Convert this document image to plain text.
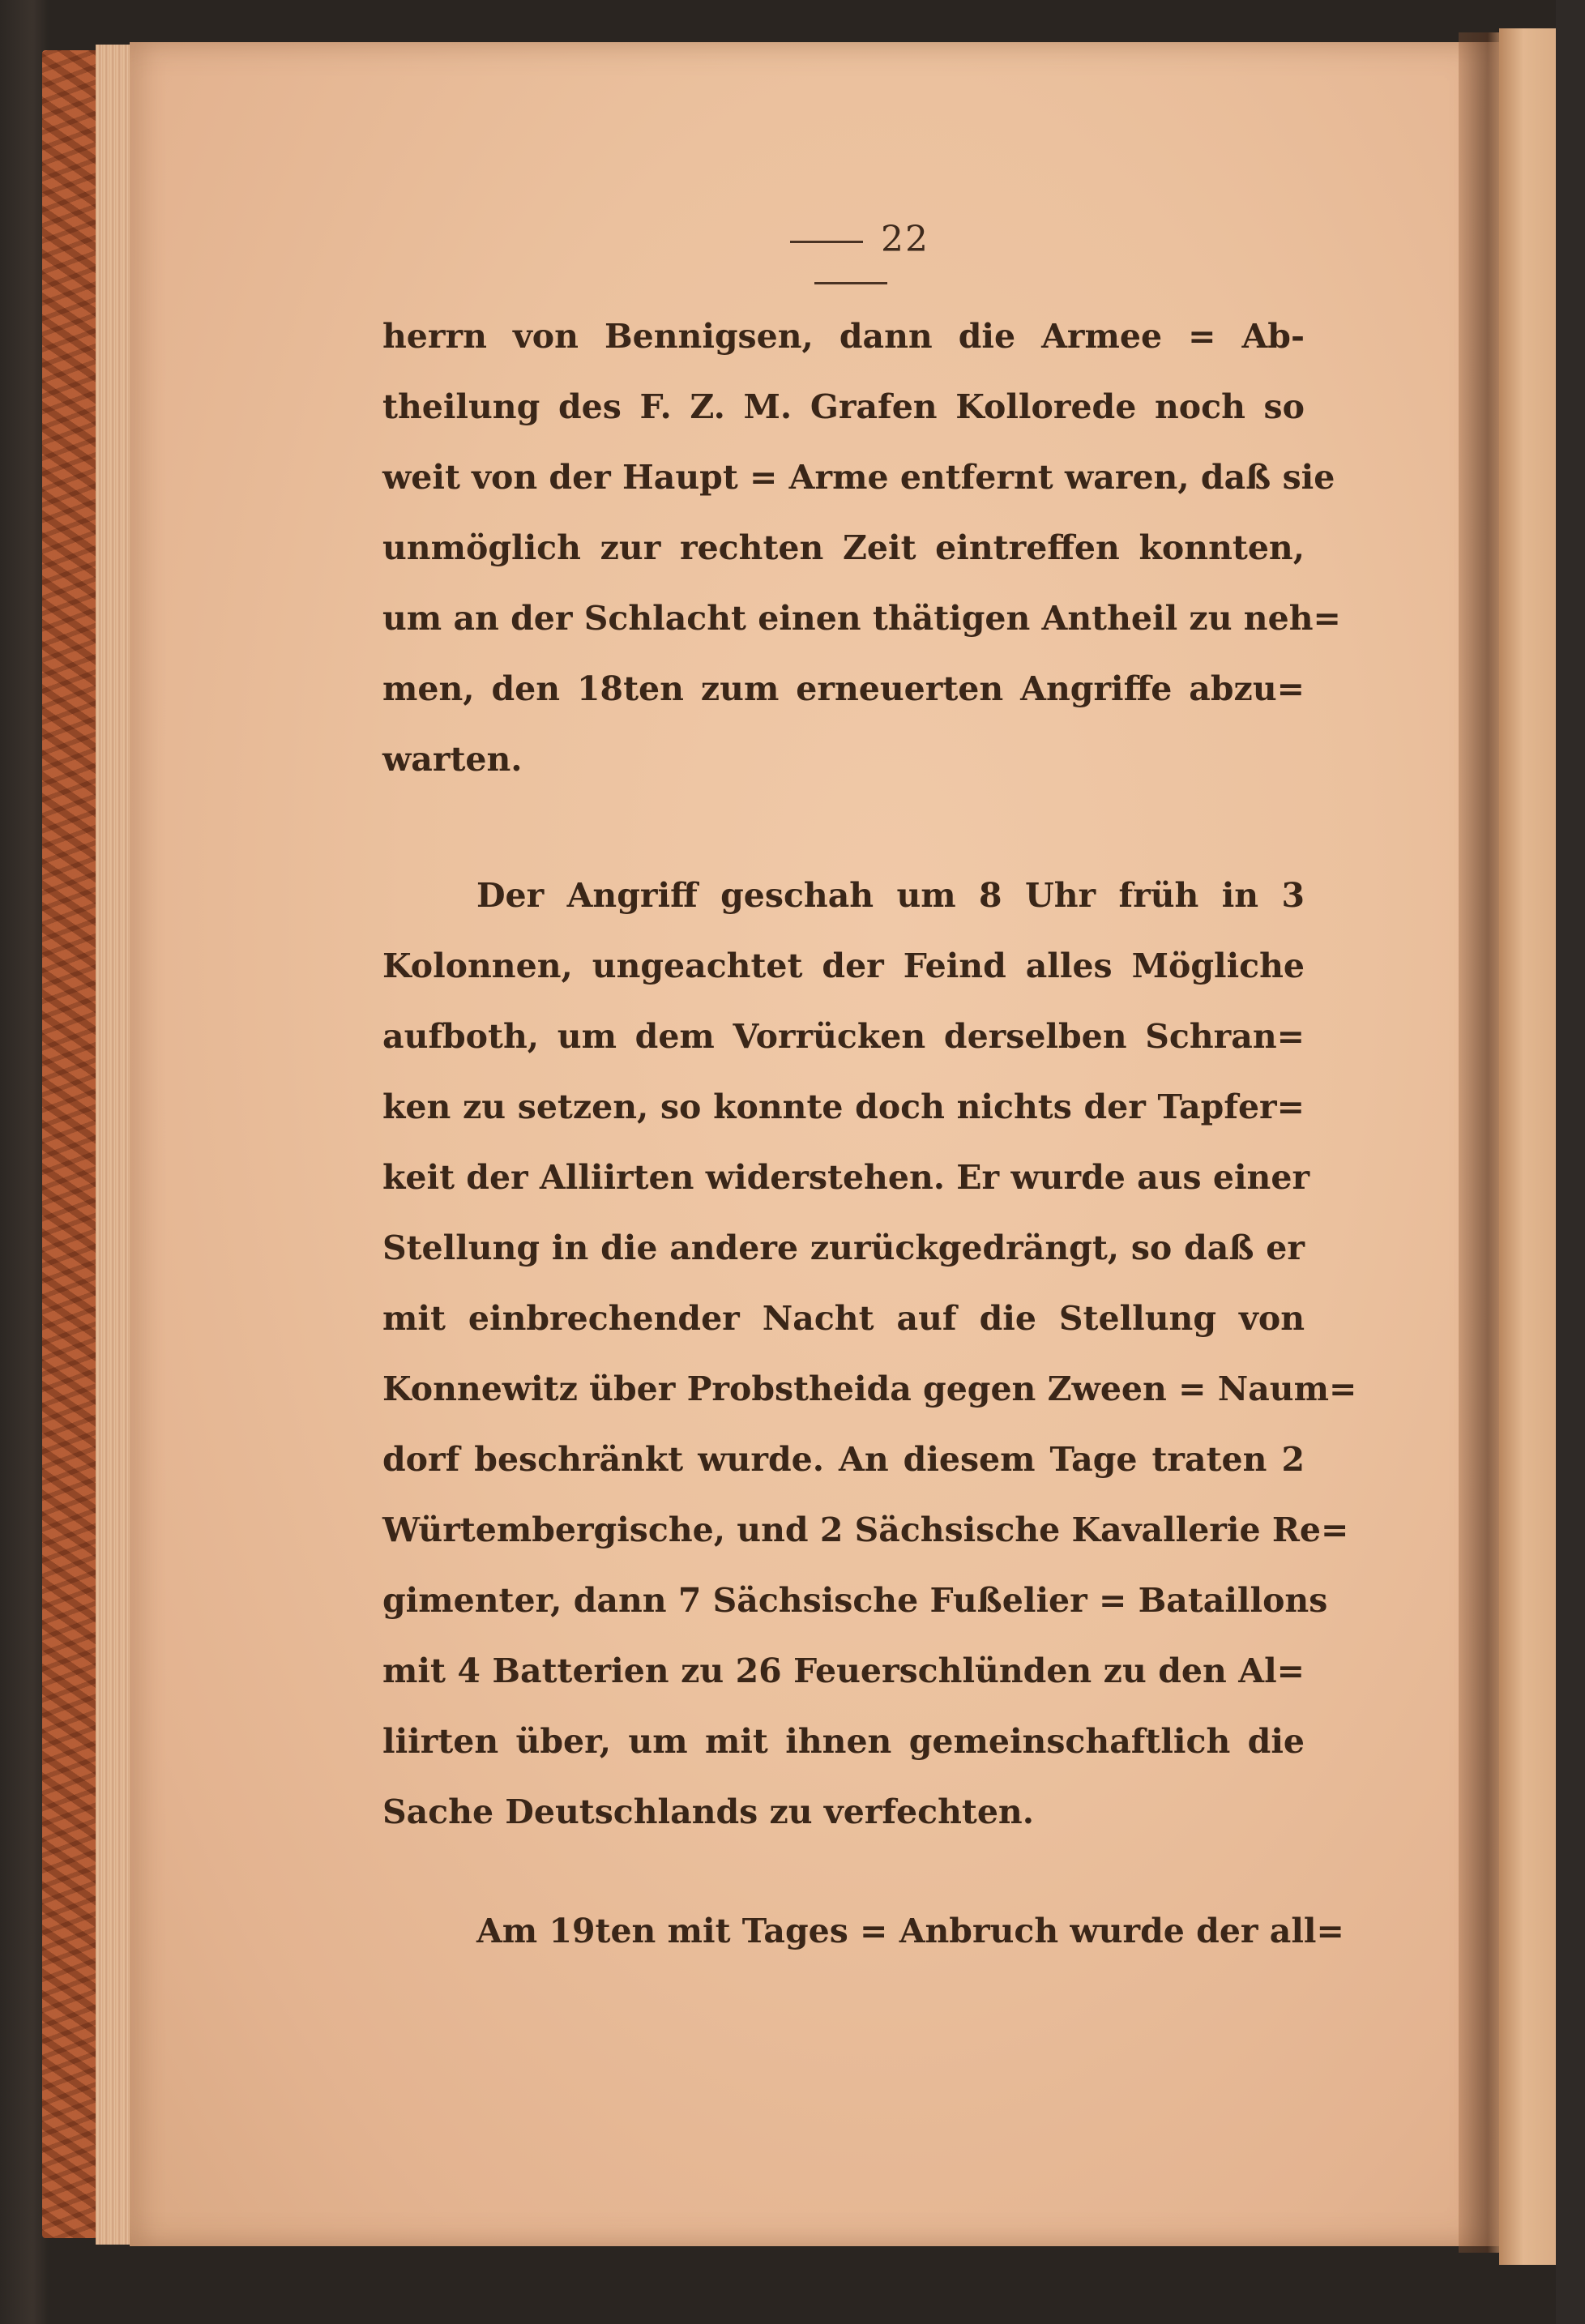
22
herrn von Bennigsen, dann die Armee = Ab-
theilung des F. Z. M. Grafen Kollorede noch so
weit von der Haupt = Arme entfernt waren, daß sie
unmöglich zur rechten Zeit eintreffen konnten,
um an der Schlacht einen thätigen Antheil zu neh=
men, den 18ten zum erneuerten Angriffe abzu=
warten.
Der Angriff geschah um 8 Uhr früh in 3
Kolonnen, ungeachtet der Feind alles Mögliche
aufboth, um dem Vorrücken derselben Schran=
ken zu setzen, so konnte doch nichts der Tapfer=
keit der Alliirten widerstehen. Er wurde aus einer
Stellung in die andere zurückgedrängt, so daß er
mit einbrechender Nacht auf die Stellung von
Konnewitz über Probstheida gegen Zween = Naum=
dorf beschränkt wurde. An diesem Tage traten 2
Würtembergische, und 2 Sächsische Kavallerie Re=
gimenter, dann 7 Sächsische Fußelier = Bataillons
mit 4 Batterien zu 26 Feuerschlünden zu den Al=
liirten über, um mit ihnen gemeinschaftlich die
Sache Deutschlands zu verfechten.
Am 19ten mit Tages = Anbruch wurde der all=
